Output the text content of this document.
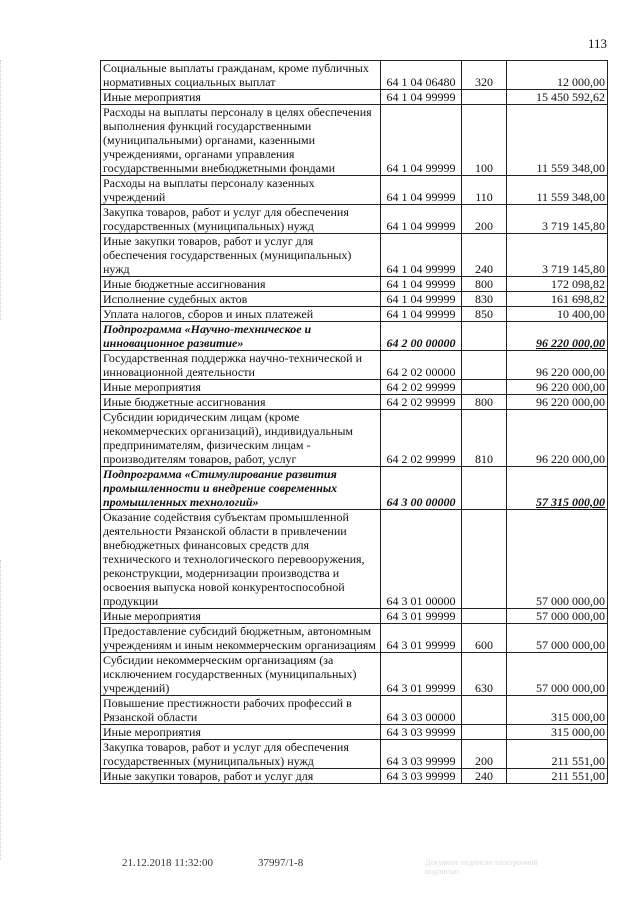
113
Социальные выплаты гражданам, кроме публичных нормативных социальных выплат	64 1 04 06480	320	12 000,00
Иные мероприятия	64 1 04 99999		15 450 592,62
Расходы на выплаты персоналу в целях обеспечения выполнения функций государственными (муниципальными) органами, казенными учреждениями, органами управления государственными внебюджетными фондами	64 1 04 99999	100	11 559 348,00
Расходы на выплаты персоналу казенных учреждений	64 1 04 99999	110	11 559 348,00
Закупка товаров, работ и услуг для обеспечения государственных (муниципальных) нужд	64 1 04 99999	200	3 719 145,80
Иные закупки товаров, работ и услуг для обеспечения государственных (муниципальных) нужд	64 1 04 99999	240	3 719 145,80
Иные бюджетные ассигнования	64 1 04 99999	800	172 098,82
Исполнение судебных актов	64 1 04 99999	830	161 698,82
Уплата налогов, сборов и иных платежей	64 1 04 99999	850	10 400,00
Подпрограмма «Научно-техническое и инновационное развитие»	64 2 00 00000		96 220 000,00
Государственная поддержка научно-технической и инновационной деятельности	64 2 02 00000		96 220 000,00
Иные мероприятия	64 2 02 99999		96 220 000,00
Иные бюджетные ассигнования	64 2 02 99999	800	96 220 000,00
Субсидии юридическим лицам (кроме некоммерческих организаций), индивидуальным предпринимателям, физическим лицам - производителям товаров, работ, услуг	64 2 02 99999	810	96 220 000,00
Подпрограмма «Стимулирование развития промышленности и внедрение современных промышленных технологий»	64 3 00 00000		57 315 000,00
Оказание содействия субъектам промышленной деятельности Рязанской области в привлечении внебюджетных финансовых средств для технического и технологического перевооружения, реконструкции, модернизации производства и освоения выпуска новой конкурентоспособной продукции	64 3 01 00000		57 000 000,00
Иные мероприятия	64 3 01 99999		57 000 000,00
Предоставление субсидий бюджетным, автономным учреждениям и иным некоммерческим организациям	64 3 01 99999	600	57 000 000,00
Субсидии некоммерческим организациям (за исключением государственных (муниципальных) учреждений)	64 3 01 99999	630	57 000 000,00
Повышение престижности рабочих профессий в Рязанской области	64 3 03 00000		315 000,00
Иные мероприятия	64 3 03 99999		315 000,00
Закупка товаров, работ и услуг для обеспечения государственных (муниципальных) нужд	64 3 03 99999	200	211 551,00
Иные закупки товаров, работ и услуг для	64 3 03 99999	240	211 551,00
21.12.2018 11:32:00	37997/1-8	Документ подписан электронной
подписью
